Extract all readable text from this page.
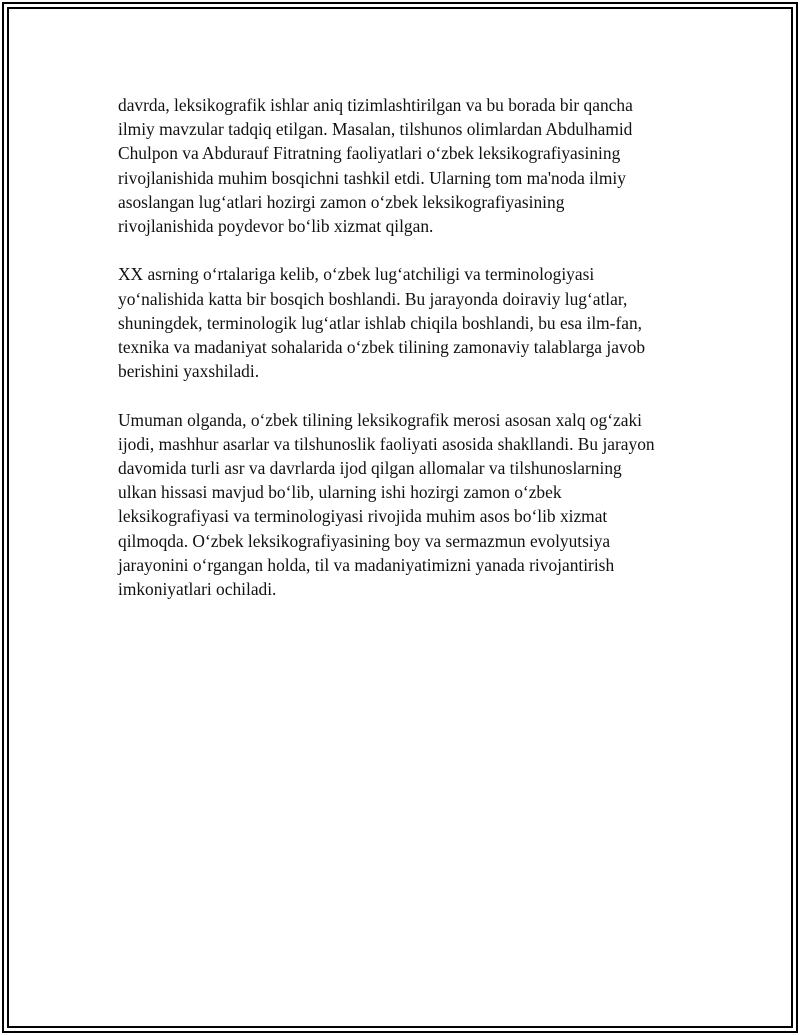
davrda, leksikografik ishlar aniq tizimlashtirilgan va bu borada bir qancha
ilmiy mavzular tadqiq etilgan. Masalan, tilshunos olimlardan Abdulhamid
Chulpon va Abdurauf Fitratning faoliyatlari o‘zbek leksikografiyasining
rivojlanishida muhim bosqichni tashkil etdi. Ularning tom ma'noda ilmiy
asoslangan lug‘atlari hozirgi zamon o‘zbek leksikografiyasining
rivojlanishida poydevor bo‘lib xizmat qilgan.

XX asrning o‘rtalariga kelib, o‘zbek lug‘atchiligi va terminologiyasi
yo‘nalishida katta bir bosqich boshlandi. Bu jarayonda doiraviy lug‘atlar,
shuningdek, terminologik lug‘atlar ishlab chiqila boshlandi, bu esa ilm-fan,
texnika va madaniyat sohalarida o‘zbek tilining zamonaviy talablarga javob
berishini yaxshiladi.

Umuman olganda, o‘zbek tilining leksikografik merosi asosan xalq og‘zaki
ijodi, mashhur asarlar va tilshunoslik faoliyati asosida shakllandi. Bu jarayon
davomida turli asr va davrlarda ijod qilgan allomalar va tilshunoslarning
ulkan hissasi mavjud bo‘lib, ularning ishi hozirgi zamon o‘zbek
leksikografiyasi va terminologiyasi rivojida muhim asos bo‘lib xizmat
qilmoqda. O‘zbek leksikografiyasining boy va sermazmun evolyutsiya
jarayonini o‘rgangan holda, til va madaniyatimizni yanada rivojantirish
imkoniyatlari ochiladi.
